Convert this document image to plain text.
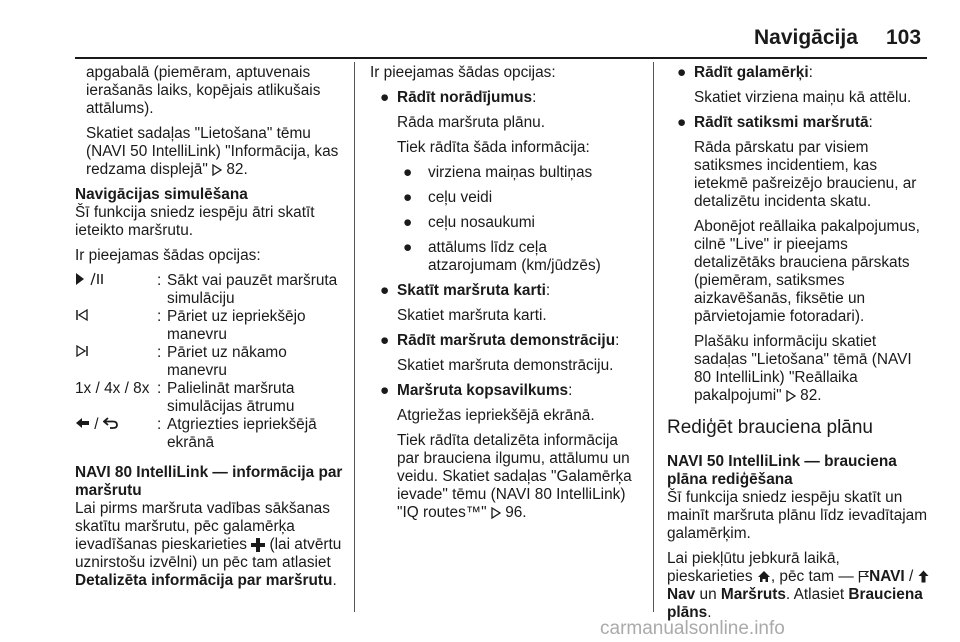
Navigācija 103

apgabalā (piemēram, aptuvenais ierašanās laiks, kopējais atlikušais attālums).

Skatiet sadaļas "Lietošana" tēmu (NAVI 50 IntelliLink) "Informācija, kas redzama displejā"  82.

Navigācijas simulēšana

Šī funkcija sniedz iespēju ātri skatīt ieteikto maršrutu.

Ir pieejamas šādas opcijas:

: Sākt vai pauzēt maršruta simulāciju
: Pāriet uz iepriekšējo manevru
: Pāriet uz nākamo manevru
1x / 4x / 8x : Palielināt maršruta simulācijas ātrumu
/	: Atgriezties iepriekšējā ekrānā

NAVI 80 IntelliLink — informācija par maršrutu

Lai pirms maršruta vadības sākšanas skatītu maršrutu, pēc galamērķa ievadīšanas pieskarieties  (lai atvērtu uznirstošu izvēlni) un pēc tam atlasiet Detalizēta informācija par maršrutu.

Ir pieejamas šādas opcijas:

● Rādīt norādījumus:

Rāda maršruta plānu.

Tiek rādīta šāda informācija:

● virziena maiņas bultiņas
● ceļu veidi
● ceļu nosaukumi
● attālums līdz ceļa atzarojumam (km/jūdzēs)
● Skatīt maršruta karti:

Skatiet maršruta karti.

● Rādīt maršruta demonstrāciju:

Skatiet maršruta demonstrāciju.

● Maršruta kopsavilkums:

Atgriežas iepriekšējā ekrānā.

Tiek rādīta detalizēta informācija par brauciena ilgumu, attālumu un veidu. Skatiet sadaļas "Galamērķa ievade" tēmu (NAVI 80 IntelliLink) "IQ routes™"  96.

● Rādīt galamērķi:

Skatiet virziena maiņu kā attēlu.

● Rādīt satiksmi maršrutā:

Rāda pārskatu par visiem satiksmes incidentiem, kas ietekmē pašreizējo braucienu, ar detalizētu incidenta skatu.

Abonējot reāllaika pakalpojumus, cilnē "Live" ir pieejams detalizētāks brauciena pārskats (piemēram, satiksmes aizkavēšanās, fiksētie un pārvietojamie fotoradari).

Plašāku informāciju skatiet sadaļas "Lietošana" tēmā (NAVI 80 IntelliLink) "Reāllaika pakalpojumi"  82.

Rediģēt brauciena plānu

NAVI 50 IntelliLink — brauciena plāna rediģēšana

Šī funkcija sniedz iespēju skatīt un mainīt maršruta plānu līdz ievadītajam galamērķim.

Lai piekļūtu jebkurā laikā, pieskarieties , pēc tam — NAVI / Nav un Maršruts. Atlasiet Brauciena plāns.

carmanualsonline.info
